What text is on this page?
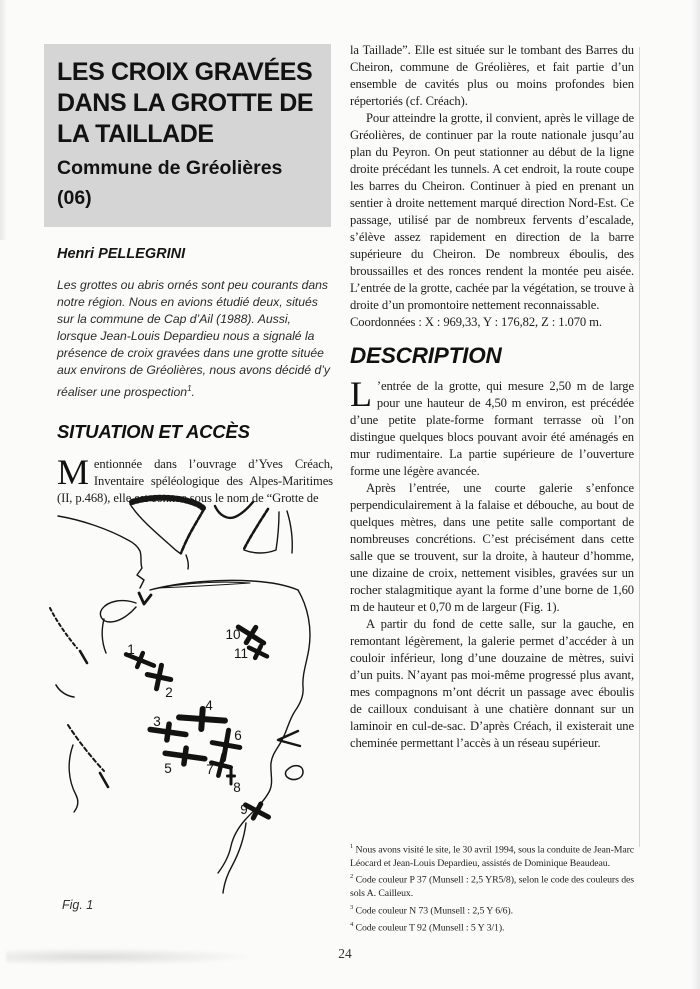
LES CROIX GRAVÉES
DANS LA GROTTE DE
LA TAILLADE
Commune de Gréolières
(06)
Henri PELLEGRINI

Les grottes ou abris ornés sont peu courants dans notre région. Nous en avions étudié deux, situés sur la commune de Cap d’Ail (1988). Aussi, lorsque Jean-Louis Depardieu nous a signalé la présence de croix gravées dans une grotte située aux environs de Gréolières, nous avons décidé d’y réaliser une prospection$^1$.

SITUATION ET ACCÈS

Mentionnée dans l’ouvrage d’Yves Créach, Inventaire spéléologique des Alpes-Maritimes (II, p.468), elle est connue sous le nom de “Grotte de

1
2
3
4
5
6
7
8
9
10
11
Fig. 1

la Taillade”. Elle est située sur le tombant des Barres du Cheiron, commune de Gréolières, et fait partie d’un ensemble de cavités plus ou moins profondes bien répertoriés (cf. Créach).

Pour atteindre la grotte, il convient, après le village de Gréolières, de continuer par la route nationale jusqu’au plan du Peyron. On peut stationner au début de la ligne droite précédant les tunnels. A cet endroit, la route coupe les barres du Cheiron. Continuer à pied en prenant un sentier à droite nettement marqué direction Nord-Est. Ce passage, utilisé par de nombreux fervents d’escalade, s’élève assez rapidement en direction de la barre supérieure du Cheiron. De nombreux éboulis, des broussailles et des ronces rendent la montée peu aisée. L’entrée de la grotte, cachée par la végétation, se trouve à droite d’un promontoire nettement reconnaissable.

Coordonnées : X : 969,33, Y : 176,82, Z : 1.070 m.

DESCRIPTION

L ’entrée de la grotte, qui mesure 2,50 m de large pour une hauteur de 4,50 m environ, est précédée d’une petite plate-forme formant terrasse où l’on distingue quelques blocs pouvant avoir été aménagés en mur rudimentaire. La partie supérieure de l’ouverture forme une légère avancée.

Après l’entrée, une courte galerie s’enfonce perpendiculairement à la falaise et débouche, au bout de quelques mètres, dans une petite salle comportant de nombreuses concrétions. C’est précisément dans cette salle que se trouvent, sur la droite, à hauteur d’homme, une dizaine de croix, nettement visibles, gravées sur un rocher stalagmitique ayant la forme d’une borne de 1,60 m de hauteur et 0,70 m de largeur (Fig. 1).

A partir du fond de cette salle, sur la gauche, en remontant légèrement, la galerie permet d’accéder à un couloir inférieur, long d’une douzaine de mètres, suivi d’un puits. N’ayant pas moi-même progressé plus avant, mes compagnons m’ont décrit un passage avec éboulis de cailloux conduisant à une chatière donnant sur un laminoir en cul-de-sac. D’après Créach, il existerait une cheminée permettant l’accès à un réseau supérieur.

$^1$ Nous avons visité le site, le 30 avril 1994, sous la conduite de Jean-Marc Léocard et Jean-Louis Depardieu, assistés de Dominique Beaudeau.
$^2$ Code couleur P 37 (Munsell : 2,5 YR5/8), selon le code des couleurs des sols A. Cailleux.
$^3$ Code couleur N 73 (Munsell : 2,5 Y 6/6).
$^4$ Code couleur T 92 (Munsell : 5 Y 3/1).
24
